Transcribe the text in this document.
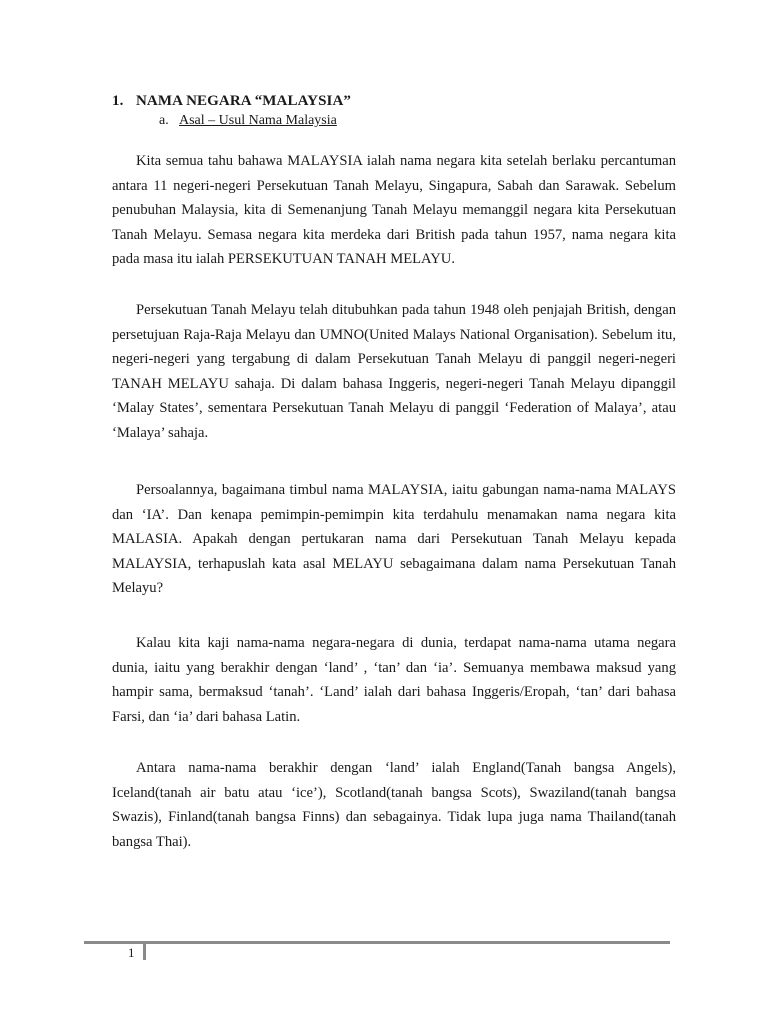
1. NAMA NEGARA “MALAYSIA”
a. Asal – Usul Nama Malaysia

Kita semua tahu bahawa MALAYSIA ialah nama negara kita setelah berlaku percantuman antara 11 negeri-negeri Persekutuan Tanah Melayu, Singapura, Sabah dan Sarawak. Sebelum penubuhan Malaysia, kita di Semenanjung Tanah Melayu memanggil negara kita Persekutuan Tanah Melayu. Semasa negara kita merdeka dari British pada tahun 1957, nama negara kita pada masa itu ialah PERSEKUTUAN TANAH MELAYU.

Persekutuan Tanah Melayu telah ditubuhkan pada tahun 1948 oleh penjajah British, dengan persetujuan Raja-Raja Melayu dan UMNO(United Malays National Organisation). Sebelum itu, negeri-negeri yang tergabung di dalam Persekutuan Tanah Melayu di panggil negeri-negeri TANAH MELAYU sahaja. Di dalam bahasa Inggeris, negeri-negeri Tanah Melayu dipanggil ‘Malay States’, sementara Persekutuan Tanah Melayu di panggil ‘Federation of Malaya’, atau ‘Malaya’ sahaja.

Persoalannya, bagaimana timbul nama MALAYSIA, iaitu gabungan nama-nama MALAYS dan ‘IA’. Dan kenapa pemimpin-pemimpin kita terdahulu menamakan nama negara kita MALASIA. Apakah dengan pertukaran nama dari Persekutuan Tanah Melayu kepada MALAYSIA, terhapuslah kata asal MELAYU sebagaimana dalam nama Persekutuan Tanah Melayu?

Kalau kita kaji nama-nama negara-negara di dunia, terdapat nama-nama utama negara dunia, iaitu yang berakhir dengan ‘land’ , ‘tan’ dan ‘ia’. Semuanya membawa maksud yang hampir sama, bermaksud ‘tanah’. ‘Land’ ialah dari bahasa Inggeris/Eropah, ‘tan’ dari bahasa Farsi, dan ‘ia’ dari bahasa Latin.

Antara nama-nama berakhir dengan ‘land’ ialah England(Tanah bangsa Angels), Iceland(tanah air batu atau ‘ice’), Scotland(tanah bangsa Scots), Swaziland(tanah bangsa Swazis), Finland(tanah bangsa Finns) dan sebagainya. Tidak lupa juga nama Thailand(tanah bangsa Thai).

1
